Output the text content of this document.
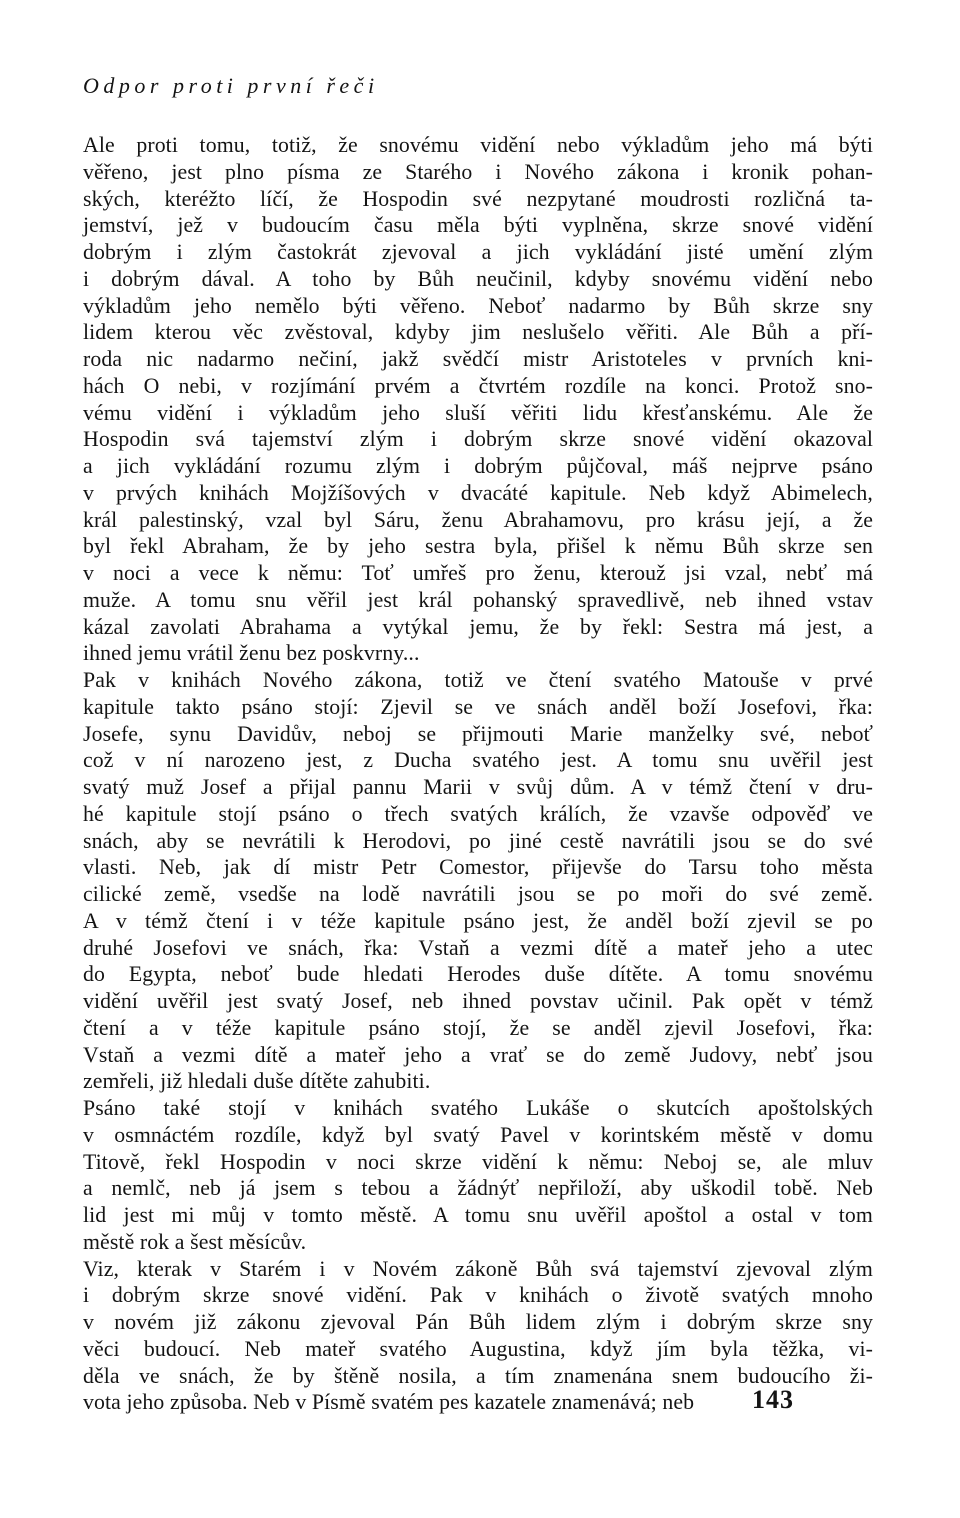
Odpor proti první řeči
Ale proti tomu, totiž, že snovému vidění nebo výkladům jeho má býti
věřeno, jest plno písma ze Starého i Nového zákona i kronik pohan-
ských, kteréžto líčí, že Hospodin své nezpytané moudrosti rozličná ta-
jemství, jež v budoucím času měla býti vyplněna, skrze snové vidění
dobrým i zlým častokrát zjevoval a jich vykládání jisté umění zlým
i dobrým dával. A toho by Bůh neučinil, kdyby snovému vidění nebo
výkladům jeho nemělo býti věřeno. Neboť nadarmo by Bůh skrze sny
lidem kterou věc zvěstoval, kdyby jim neslušelo věřiti. Ale Bůh a pří-
roda nic nadarmo nečiní, jakž svědčí mistr Aristoteles v prvních kni-
hách O nebi, v rozjímání prvém a čtvrtém rozdíle na konci. Protož sno-
vému vidění i výkladům jeho sluší věřiti lidu křesťanskému. Ale že
Hospodin svá tajemství zlým i dobrým skrze snové vidění okazoval
a jich vykládání rozumu zlým i dobrým půjčoval, máš nejprve psáno
v prvých knihách Mojžíšových v dvacáté kapitule. Neb když Abimelech,
král palestinský, vzal byl Sáru, ženu Abrahamovu, pro krásu její, a že
byl řekl Abraham, že by jeho sestra byla, přišel k němu Bůh skrze sen
v noci a vece k němu: Toť umřeš pro ženu, kterouž jsi vzal, nebť má
muže. A tomu snu věřil jest král pohanský spravedlivě, neb ihned vstav
kázal zavolati Abrahama a vytýkal jemu, že by řekl: Sestra má jest, a
ihned jemu vrátil ženu bez poskvrny...
Pak v knihách Nového zákona, totiž ve čtení svatého Matouše v prvé
kapitule takto psáno stojí: Zjevil se ve snách anděl boží Josefovi, řka:
Josefe, synu Davidův, neboj se přijmouti Marie manželky své, neboť
což v ní narozeno jest, z Ducha svatého jest. A tomu snu uvěřil jest
svatý muž Josef a přijal pannu Marii v svůj dům. A v témž čtení v dru-
hé kapitule stojí psáno o třech svatých králích, že vzavše odpověď ve
snách, aby se nevrátili k Herodovi, po jiné cestě navrátili jsou se do své
vlasti. Neb, jak dí mistr Petr Comestor, přijevše do Tarsu toho města
cilické země, vsedše na lodě navrátili jsou se po moři do své země.
A v témž čtení i v téže kapitule psáno jest, že anděl boží zjevil se po
druhé Josefovi ve snách, řka: Vstaň a vezmi dítě a mateř jeho a utec
do Egypta, neboť bude hledati Herodes duše dítěte. A tomu snovému
vidění uvěřil jest svatý Josef, neb ihned povstav učinil. Pak opět v témž
čtení a v téže kapitule psáno stojí, že se anděl zjevil Josefovi, řka:
Vstaň a vezmi dítě a mateř jeho a vrať se do země Judovy, nebť jsou
zemřeli, již hledali duše dítěte zahubiti.
Psáno také stojí v knihách svatého Lukáše o skutcích apoštolských
v osmnáctém rozdíle, když byl svatý Pavel v korintském městě v domu
Titově, řekl Hospodin v noci skrze vidění k němu: Neboj se, ale mluv
a nemlč, neb já jsem s tebou a žádnýť nepřiloží, aby uškodil tobě. Neb
lid jest mi můj v tomto městě. A tomu snu uvěřil apoštol a ostal v tom
městě rok a šest měsícův.
Viz, kterak v Starém i v Novém zákoně Bůh svá tajemství zjevoval zlým
i dobrým skrze snové vidění. Pak v knihách o životě svatých mnoho
v novém již zákonu zjevoval Pán Bůh lidem zlým i dobrým skrze sny
věci budoucí. Neb mateř svatého Augustina, když jím byla těžka, vi-
děla ve snách, že by štěně nosila, a tím znamenána snem budoucího ži-
vota jeho způsoba. Neb v Písmě svatém pes kazatele znamenává; neb	143
